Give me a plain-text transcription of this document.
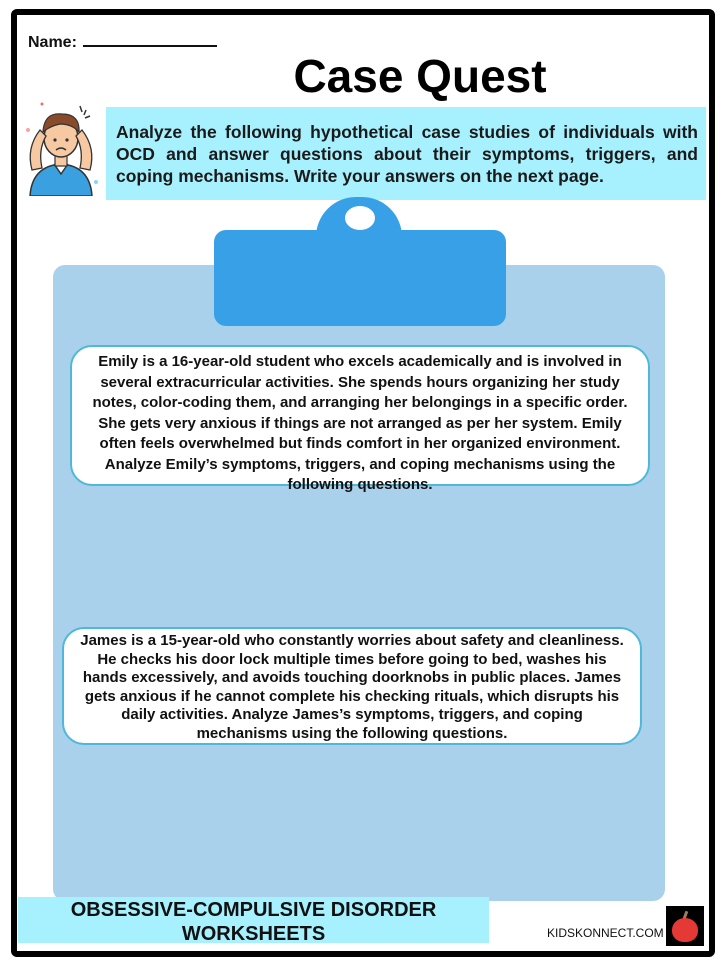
Name:
Case Quest
Analyze the following hypothetical case studies of individuals with OCD and answer questions about their symptoms, triggers, and coping mechanisms. Write your answers on the next page.
Emily is a 16-year-old student who excels academically and is involved in several extracurricular activities. She spends hours organizing her study notes, color-coding them, and arranging her belongings in a specific order. She gets very anxious if things are not arranged as per her system. Emily often feels overwhelmed but finds comfort in her organized environment. Analyze Emily’s symptoms, triggers, and coping mechanisms using the following questions.
James is a 15-year-old who constantly worries about safety and cleanliness. He checks his door lock multiple times before going to bed, washes his hands excessively, and avoids touching doorknobs in public places. James gets anxious if he cannot complete his checking rituals, which disrupts his daily activities. Analyze James’s symptoms, triggers, and coping mechanisms using the following questions.
OBSESSIVE-COMPULSIVE DISORDER
WORKSHEETS	KIDSKONNECT.COM
